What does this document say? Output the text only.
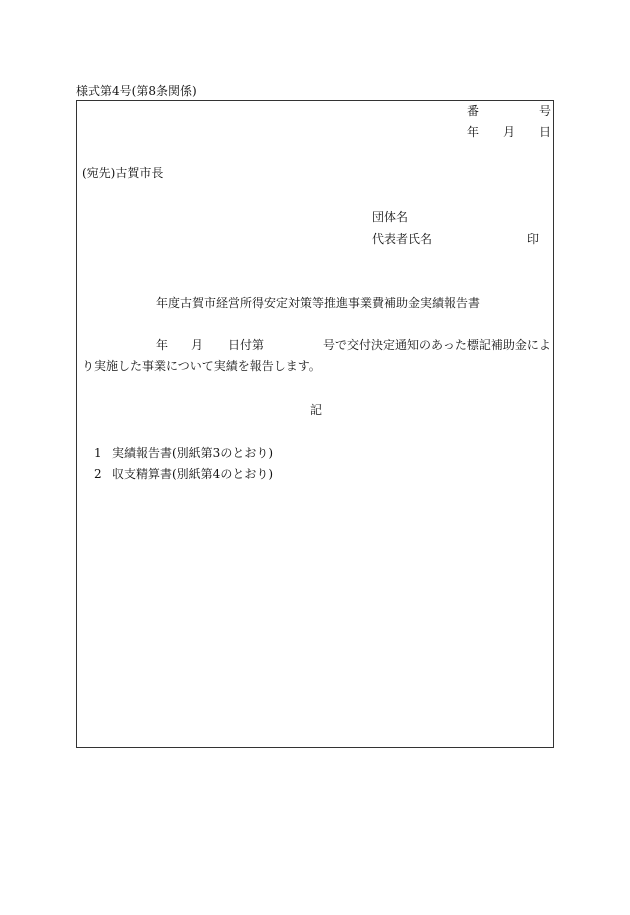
様式第4号(第8条関係)
番	号
年 月 日
(宛先)古賀市長
団体名
代表者氏名	印
年度古賀市経営所得安定対策等推進事業費補助金実績報告書
年 月 日付第	号で交付決定通知のあった標記補助金によ
り実施した事業について実績を報告します。
記
1 実績報告書(別紙第3のとおり)
2 収支精算書(別紙第4のとおり)
